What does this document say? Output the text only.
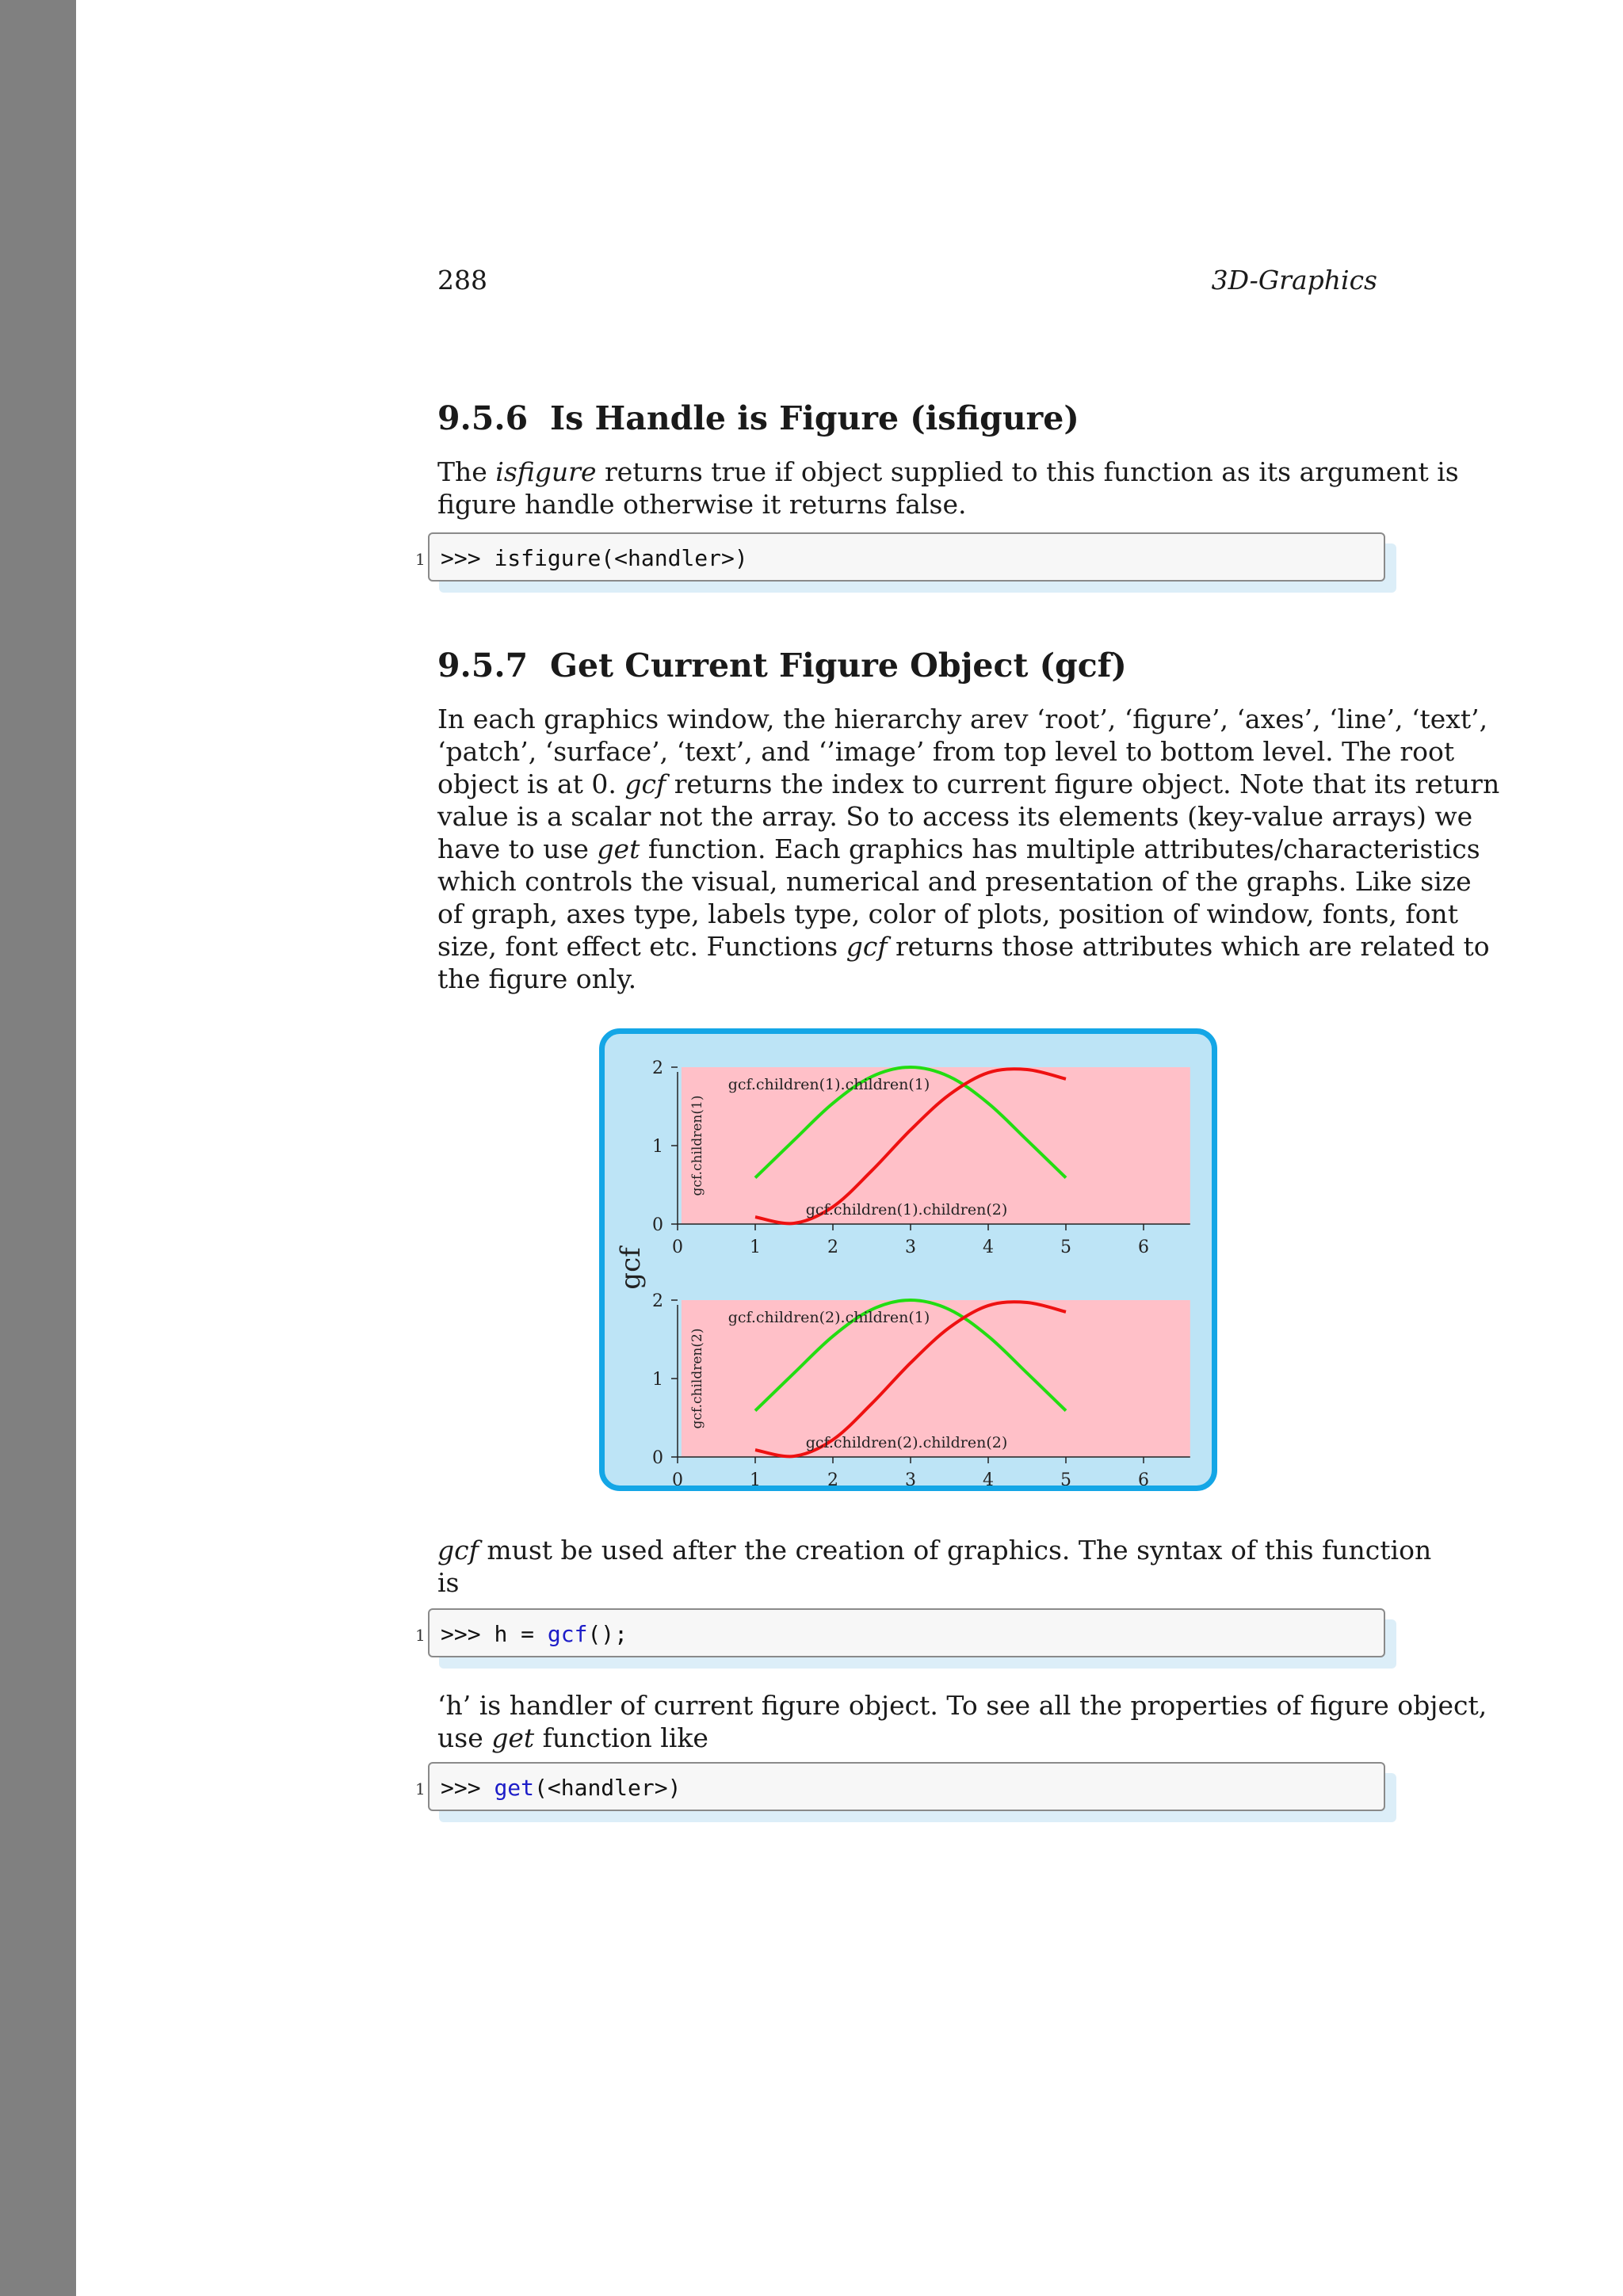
288	3D-Graphics
9.5.6 Is Handle is Figure (isfigure)
The isfigure returns true if object supplied to this function as its argument is
figure handle otherwise it returns false.
1 >>> isfigure(<handler>)
9.5.7 Get Current Figure Object (gcf)
In each graphics window, the hierarchy arev ‘root’, ‘figure’, ‘axes’, ‘line’, ‘text’,
‘patch’, ‘surface’, ‘text’, and ‘’image’ from top level to bottom level. The root
object is at 0. gcf returns the index to current figure object. Note that its return
value is a scalar not the array. So to access its elements (key-value arrays) we
have to use get function. Each graphics has multiple attributes/characteristics
which controls the visual, numerical and presentation of the graphs. Like size
of graph, axes type, labels type, color of plots, position of window, fonts, font
size, font effect etc. Functions gcf returns those attributes which are related to
the figure only.
0	1	2	3	4	5	6
0
1
2
gcf.children(1)
gcf.children(1).children(1)
gcf.children(1).children(2)
0	1	2	3	4	5	6
0
1
2
gcf.children(2)
gcf.children(2).children(1)
gcf.children(2).children(2)
gcf
gcf must be used after the creation of graphics. The syntax of this function
is
1 >>> h = gcf();
‘h’ is handler of current figure object. To see all the properties of figure object,
use get function like
1 >>> get(<handler>)
